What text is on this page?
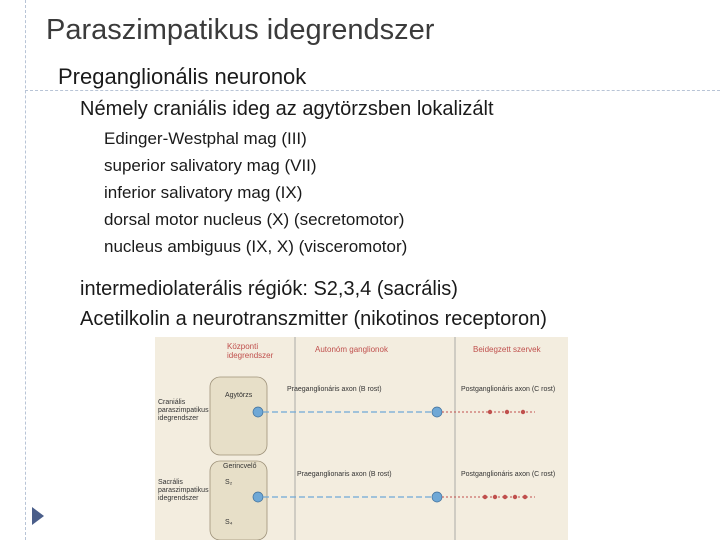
Paraszimpatikus idegrendszer
Preganglionális neuronok
Némely craniális ideg az agytörzsben lokalizált
Edinger-Westphal mag (III)
superior salivatory mag (VII)
inferior salivatory mag (IX)
dorsal motor nucleus (X) (secretomotor)
nucleus ambiguus (IX, X) (visceromotor)
intermediolaterális régiók: S2,3,4 (sacrális)
Acetilkolin a neurotranszmitter (nikotinos receptoron)
Központi
idegrendszer
Autonóm ganglionok	Beidegzett szervek
Craniális
paraszimpatikus
idegrendszer
Sacrális
paraszimpatikus
idegrendszer
Agytörzs
Gerincvelő
S₂
S₄
Praeganglionáris axon (B rost)	Postganglionáris axon (C rost)
Praeganglionaris axon (B rost)	Postganglionáris axon (C rost)
